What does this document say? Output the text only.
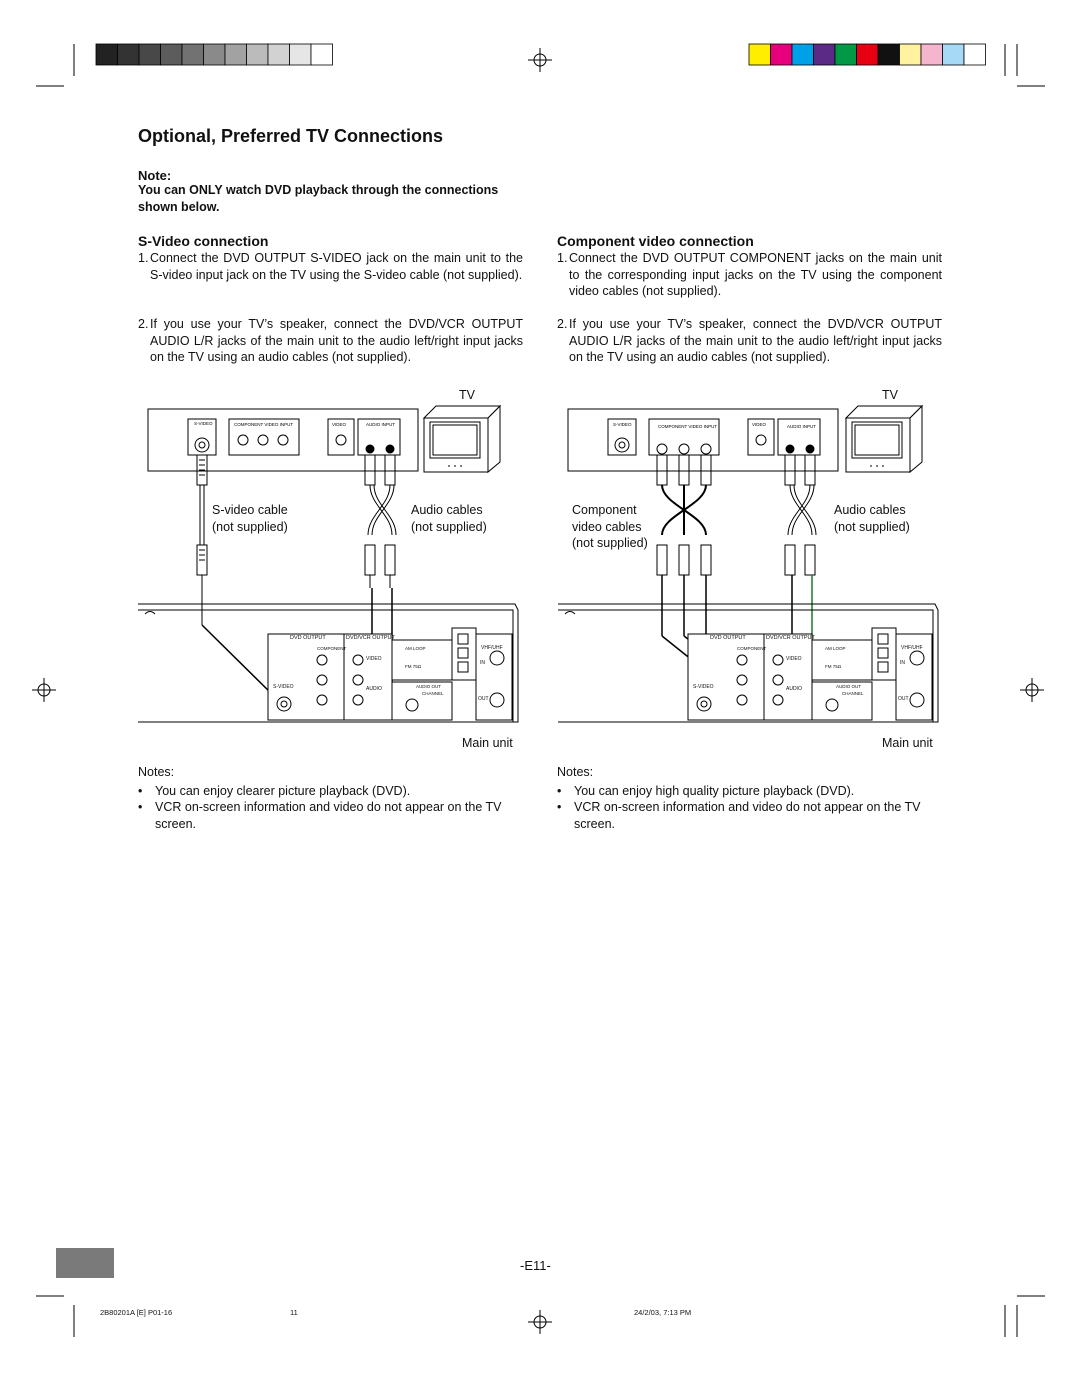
Optional, Preferred TV Connections
Note:
You can ONLY watch DVD playback through the connections shown below.
S-Video connection
1. Connect the DVD OUTPUT S-VIDEO jack on the main unit to the S-video input jack on the TV using the S-video cable (not supplied).
2. If you use your TV’s speaker, connect the DVD/VCR OUTPUT AUDIO L/R jacks of the main unit to the audio left/right input jacks on the TV using an audio cables (not supplied).
Component video connection
1. Connect the DVD OUTPUT COMPONENT jacks on the main unit to the corresponding input jacks on the TV using the component video cables (not supplied).
2. If you use your TV’s speaker, connect the DVD/VCR OUTPUT AUDIO L/R jacks of the main unit to the audio left/right input jacks on the TV using an audio cables (not supplied).
TV
S-video cable
(not supplied)
Audio cables
(not supplied)
Main unit
TV
Component
video cables
(not supplied)
Audio cables
(not supplied)
Main unit
S-VIDEO	COMPONENT VIDEO INPUT	VIDEO	AUDIO INPUT	S-VIDEO	COMPONENT VIDEO INPUT	VIDEO	AUDIO INPUT
DVD OUTPUT	DVD/VCR OUTPUT
COMPONENT
S-VIDEO
VIDEO
AUDIO
AM LOOP
FM 75Ω
VHF/UHF
IN
OUT
AUDIO OUT
CHANNEL
DVD OUTPUT	DVD/VCR OUTPUT
COMPONENT
S-VIDEO
VIDEO
AUDIO
AM LOOP
FM 75Ω
VHF/UHF
IN
OUT
AUDIO OUT
CHANNEL
Notes:
•	You can enjoy clearer picture playback (DVD).
•	VCR on-screen information and video do not appear on the TV screen.
Notes:
•	You can enjoy high quality picture playback (DVD).
•	VCR on-screen information and video do not appear on the TV screen.
-E11-
2B80201A [E] P01-16	11	24/2/03, 7:13 PM
